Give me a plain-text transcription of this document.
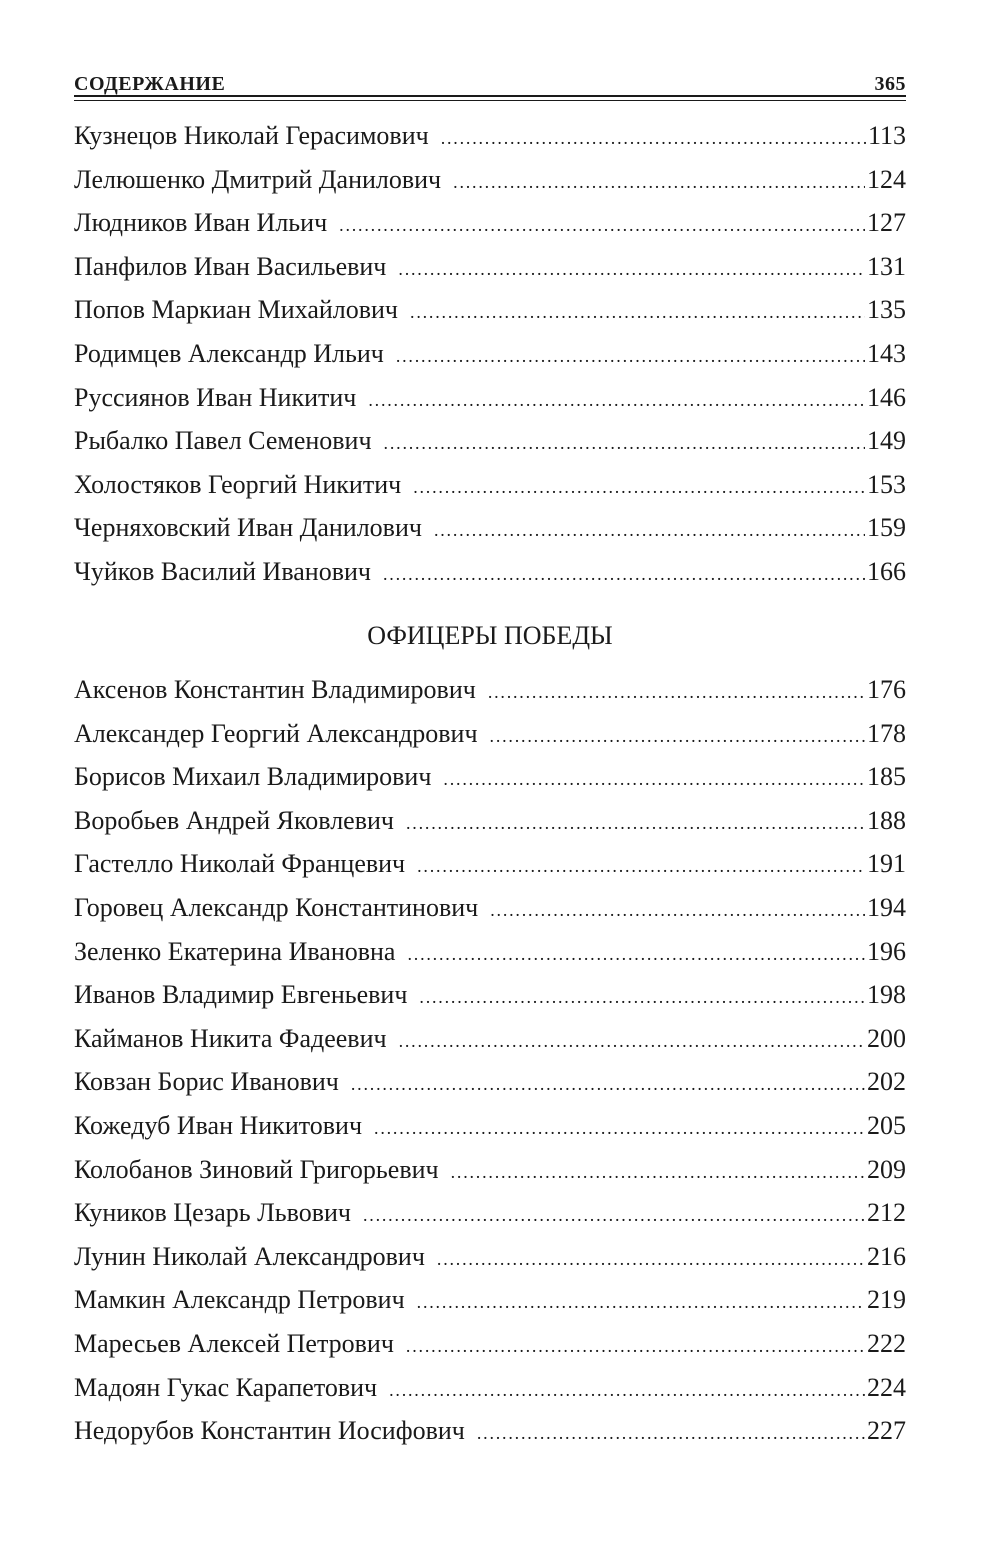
СОДЕРЖАНИЕ	365
Кузнецов Николай Герасимович .....	113
Лелюшенко Дмитрий Данилович .....	124
Людников Иван Ильич .....	127
Панфилов Иван Васильевич .....	131
Попов Маркиан Михайлович .....	135
Родимцев Александр Ильич .....	143
Руссиянов Иван Никитич .....	146
Рыбалко Павел Семенович .....	149
Холостяков Георгий Никитич .....	153
Черняховский Иван Данилович .....	159
Чуйков Василий Иванович .....	166
ОФИЦЕРЫ ПОБЕДЫ
Аксенов Константин Владимирович .....	176
Александер Георгий Александрович .....	178
Борисов Михаил Владимирович .....	185
Воробьев Андрей Яковлевич .....	188
Гастелло Николай Францевич .....	191
Горовец Александр Константинович .....	194
Зеленко Екатерина Ивановна .....	196
Иванов Владимир Евгеньевич .....	198
Кайманов Никита Фадеевич .....	200
Ковзан Борис Иванович .....	202
Кожедуб Иван Никитович .....	205
Колобанов Зиновий Григорьевич .....	209
Куников Цезарь Львович .....	212
Лунин Николай Александрович .....	216
Мамкин Александр Петрович .....	219
Маресьев Алексей Петрович .....	222
Мадоян Гукас Карапетович .....	224
Недорубов Константин Иосифович .....	227
